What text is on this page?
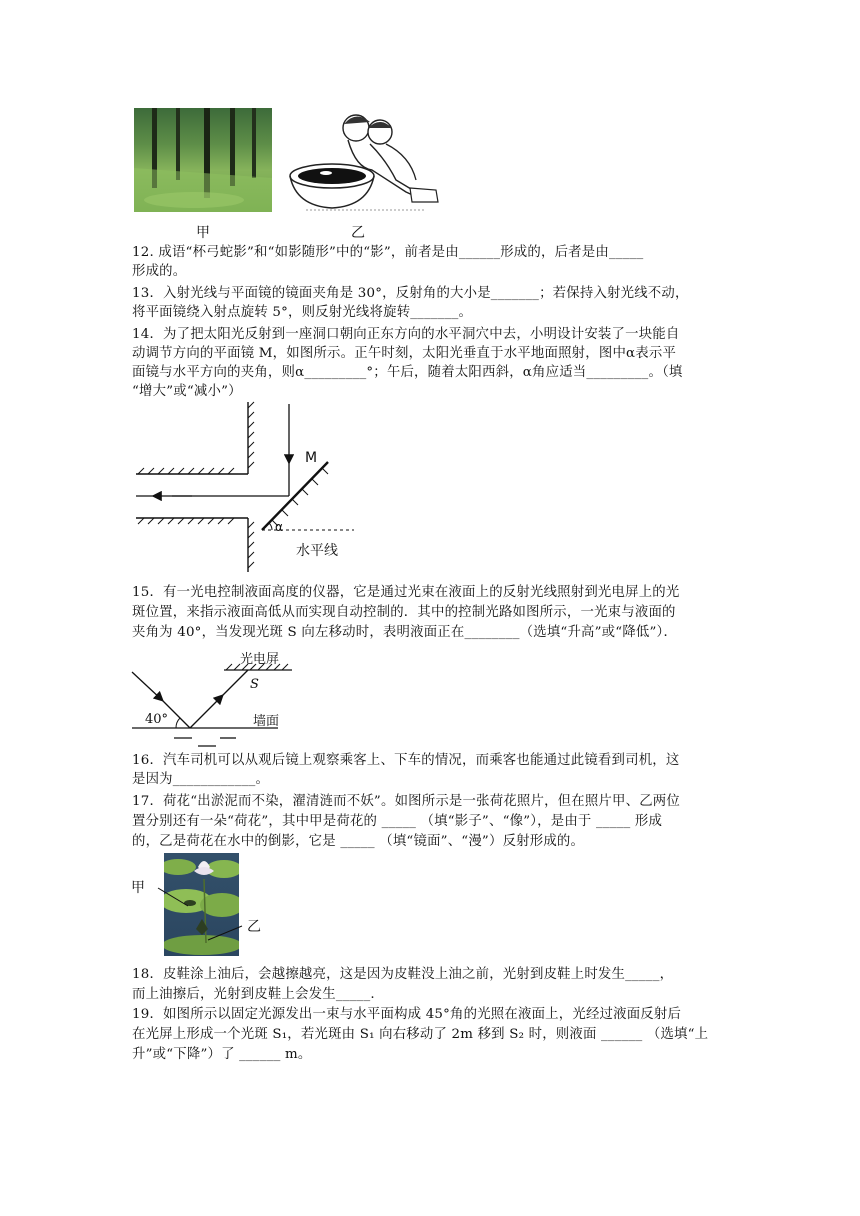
甲	乙
12. 成语“杯弓蛇影”和“如影随形”中的“影”，前者是由______形成的，后者是由_____
形成的。
13．入射光线与平面镜的镜面夹角是 30°，反射角的大小是_______；若保持入射光线不动，
将平面镜绕入射点旋转 5°，则反射光线将旋转_______。
14．为了把太阳光反射到一座洞口朝向正东方向的水平洞穴中去，小明设计安装了一块能自
动调节方向的平面镜 M，如图所示。正午时刻，太阳光垂直于水平地面照射，图中α表示平
面镜与水平方向的夹角，则α_________°；午后，随着太阳西斜，α角应适当_________。（填
“增大”或“减小”）
M
α
水平线
15．有一光电控制液面高度的仪器，它是通过光束在液面上的反射光线照射到光电屏上的光
斑位置，来指示液面高低从而实现自动控制的．其中的控制光路如图所示，一光束与液面的
夹角为 40°，当发现光斑 S 向左移动时，表明液面正在________（选填“升高”或“降低”）．
光电屏
S
40°	墙面
16．汽车司机可以从观后镜上观察乘客上、下车的情况，而乘客也能通过此镜看到司机，这
是因为____________。
17．荷花“出淤泥而不染，濯清涟而不妖”。如图所示是一张荷花照片，但在照片甲、乙两位
置分别还有一朵“荷花”，其中甲是荷花的 _____ （填“影子”、“像”），是由于 _____ 形成
的，乙是荷花在水中的倒影，它是 _____ （填“镜面”、“漫”）反射形成的。
甲
乙
18．皮鞋涂上油后，会越擦越亮，这是因为皮鞋没上油之前，光射到皮鞋上时发生_____，
而上油擦后，光射到皮鞋上会发生_____.
19．如图所示以固定光源发出一束与水平面构成 45°角的光照在液面上，光经过液面反射后
在光屏上形成一个光斑 S₁，若光斑由 S₁ 向右移动了 2m 移到 S₂ 时，则液面 ______ （选填“上
升”或“下降”）了 ______ m。
